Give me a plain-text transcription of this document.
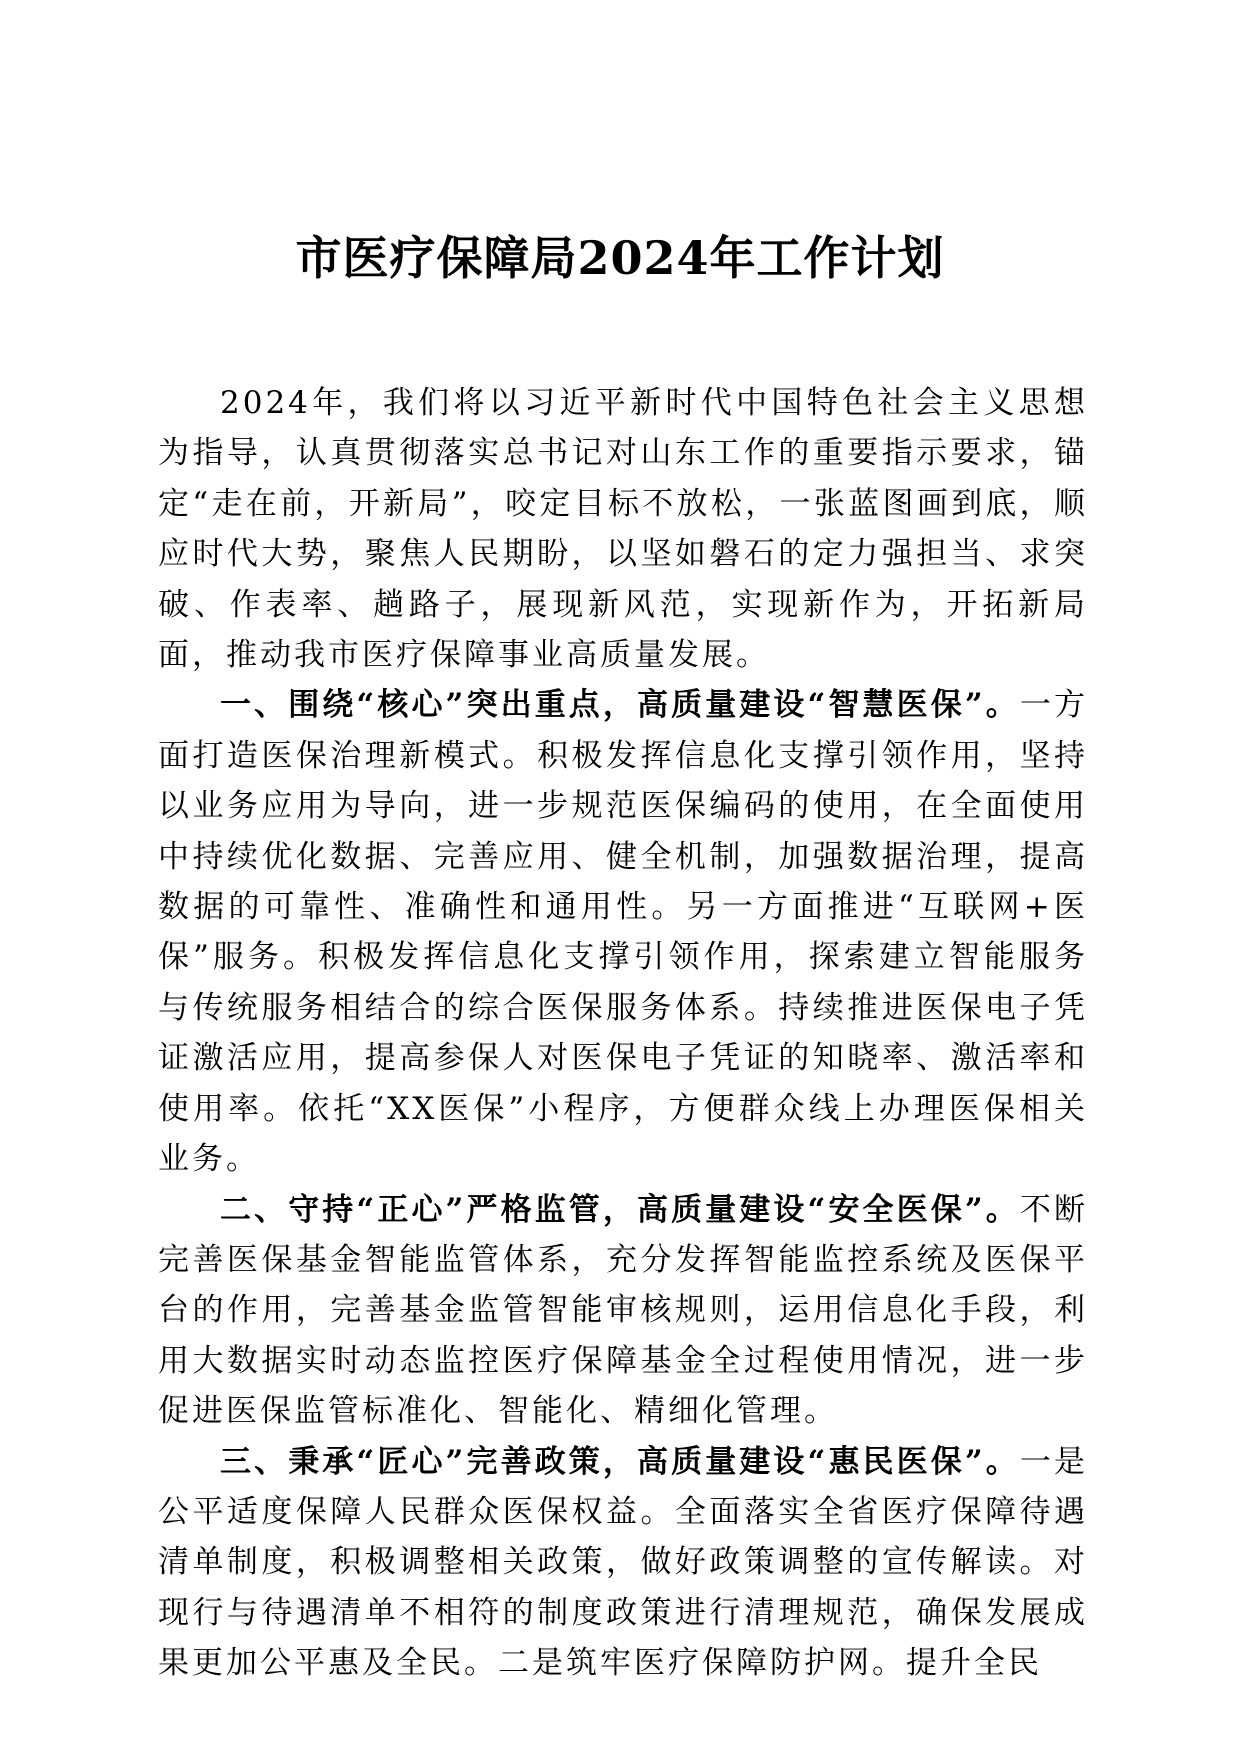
市医疗保障局2024年工作计划

2024年，我们将以习近平新时代中国特色社会主义思想为指导，认真贯彻落实总书记对山东工作的重要指示要求，锚定“走在前，开新局”，咬定目标不放松，一张蓝图画到底，顺应时代大势，聚焦人民期盼，以坚如磐石的定力强担当、求突破、作表率、趟路子，展现新风范，实现新作为，开拓新局面，推动我市医疗保障事业高质量发展。

一、围绕“核心”突出重点，高质量建设“智慧医保”。一方面打造医保治理新模式。积极发挥信息化支撑引领作用，坚持以业务应用为导向，进一步规范医保编码的使用，在全面使用中持续优化数据、完善应用、健全机制，加强数据治理，提高数据的可靠性、准确性和通用性。另一方面推进“互联网+医保”服务。积极发挥信息化支撑引领作用，探索建立智能服务与传统服务相结合的综合医保服务体系。持续推进医保电子凭证激活应用，提高参保人对医保电子凭证的知晓率、激活率和使用率。依托“XX医保”小程序，方便群众线上办理医保相关业务。

二、守持“正心”严格监管，高质量建设“安全医保”。不断完善医保基金智能监管体系，充分发挥智能监控系统及医保平台的作用，完善基金监管智能审核规则，运用信息化手段，利用大数据实时动态监控医疗保障基金全过程使用情况，进一步促进医保监管标准化、智能化、精细化管理。

三、秉承“匠心”完善政策，高质量建设“惠民医保”。一是公平适度保障人民群众医保权益。全面落实全省医疗保障待遇清单制度，积极调整相关政策，做好政策调整的宣传解读。对现行与待遇清单不相符的制度政策进行清理规范，确保发展成果更加公平惠及全民。二是筑牢医疗保障防护网。提升全民
